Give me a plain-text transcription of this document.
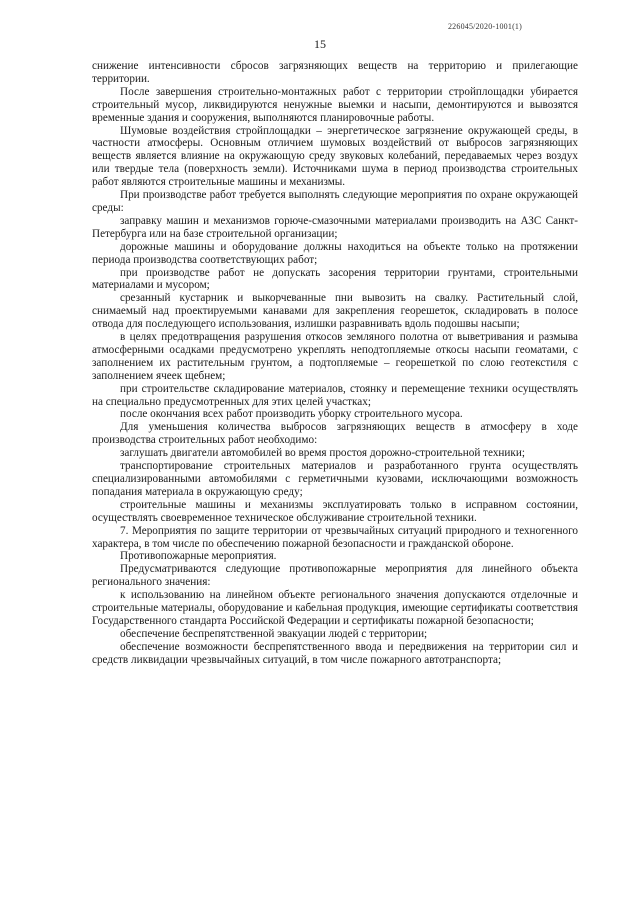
226045/2020-1001(1)
15

снижение интенсивности сбросов загрязняющих веществ на территорию и прилегающие территории.

После завершения строительно-монтажных работ с территории стройплощадки убирается строительный мусор, ликвидируются ненужные выемки и насыпи, демонтируются и вывозятся временные здания и сооружения, выполняются планировочные работы.

Шумовые воздействия стройплощадки – энергетическое загрязнение окружающей среды, в частности атмосферы. Основным отличием шумовых воздействий от выбросов загрязняющих веществ является влияние на окружающую среду звуковых колебаний, передаваемых через воздух или твердые тела (поверхность земли). Источниками шума в период производства строительных работ являются строительные машины и механизмы.

При производстве работ требуется выполнять следующие мероприятия по охране окружающей среды:

заправку машин и механизмов горюче-смазочными материалами производить на АЗС Санкт-Петербурга или на базе строительной организации;

дорожные машины и оборудование должны находиться на объекте только на протяжении периода производства соответствующих работ;

при производстве работ не допускать засорения территории грунтами, строительными материалами и мусором;

срезанный кустарник и выкорчеванные пни вывозить на свалку. Растительный слой, снимаемый над проектируемыми канавами для закрепления георешеток, складировать в полосе отвода для последующего использования, излишки разравнивать вдоль подошвы насыпи;

в целях предотвращения разрушения откосов земляного полотна от выветривания и размыва атмосферными осадками предусмотрено укреплять неподтопляемые откосы насыпи геоматами, с заполнением их растительным грунтом, а подтопляемые – георешеткой по слою геотекстиля с заполнением ячеек щебнем;

при строительстве складирование материалов, стоянку и перемещение техники осуществлять на специально предусмотренных для этих целей участках;

после окончания всех работ производить уборку строительного мусора.

Для уменьшения количества выбросов загрязняющих веществ в атмосферу в ходе производства строительных работ необходимо:

заглушать двигатели автомобилей во время простоя дорожно-строительной техники;

транспортирование строительных материалов и разработанного грунта осуществлять специализированными автомобилями с герметичными кузовами, исключающими возможность попадания материала в окружающую среду;

строительные машины и механизмы эксплуатировать только в исправном состоянии, осуществлять своевременное техническое обслуживание строительной техники.

7. Мероприятия по защите территории от чрезвычайных ситуаций природного и техногенного характера, в том числе по обеспечению пожарной безопасности и гражданской обороне.

Противопожарные мероприятия.

Предусматриваются следующие противопожарные мероприятия для линейного объекта регионального значения:

к использованию на линейном объекте регионального значения допускаются отделочные и строительные материалы, оборудование и кабельная продукция, имеющие сертификаты соответствия Государственного стандарта Российской Федерации и сертификаты пожарной безопасности;

обеспечение беспрепятственной эвакуации людей с территории;

обеспечение возможности беспрепятственного ввода и передвижения на территории сил и средств ликвидации чрезвычайных ситуаций, в том числе пожарного автотранспорта;
